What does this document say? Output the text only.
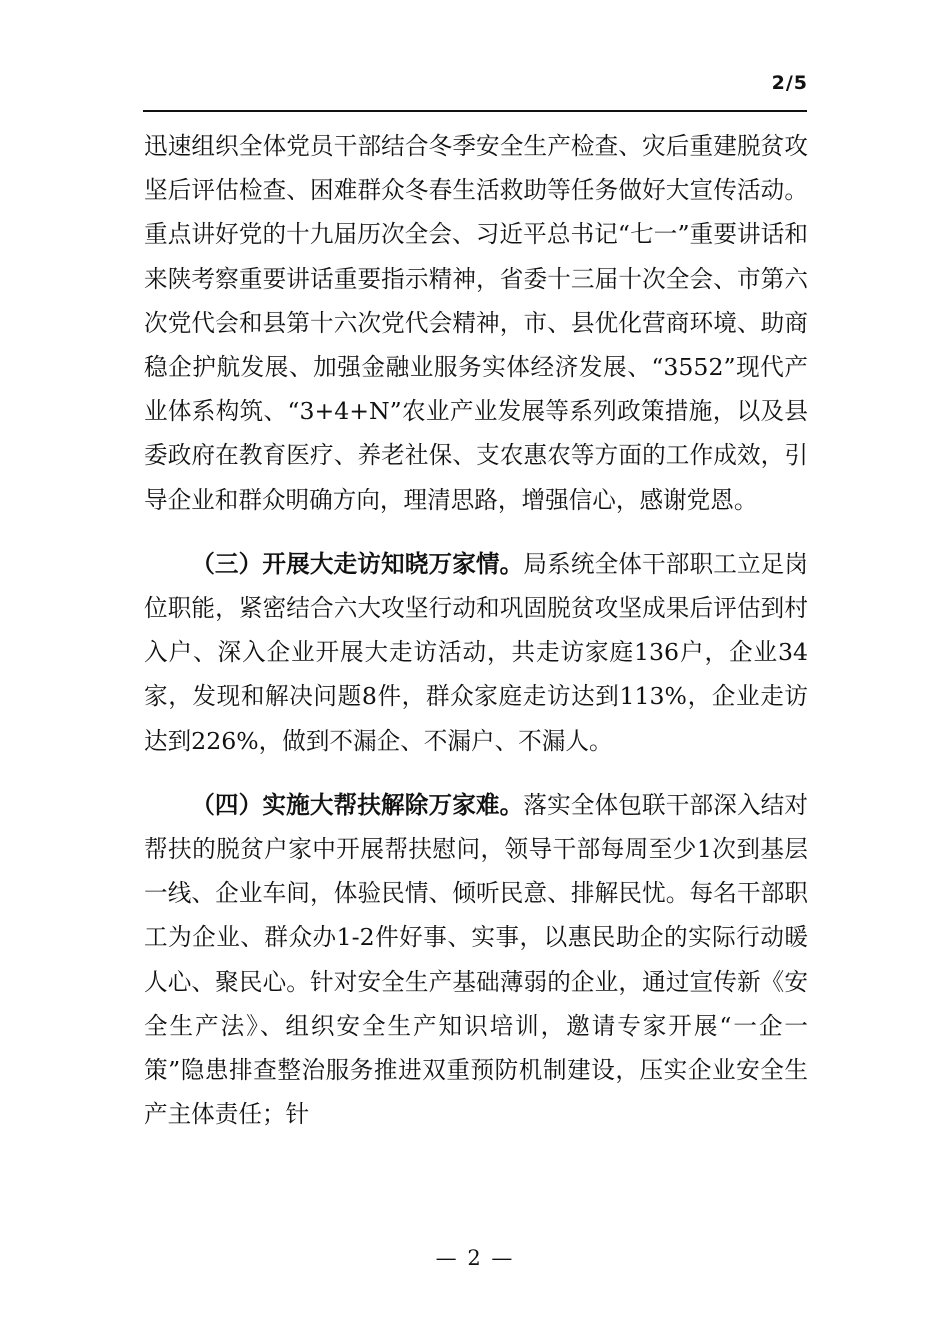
2/5

迅速组织全体党员干部结合冬季安全生产检查、灾后重建脱贫攻坚后评估检查、困难群众冬春生活救助等任务做好大宣传活动。重点讲好党的十九届历次全会、习近平总书记“七一”重要讲话和来陕考察重要讲话重要指示精神，省委十三届十次全会、市第六次党代会和县第十六次党代会精神，市、县优化营商环境、助商稳企护航发展、加强金融业服务实体经济发展、“3552”现代产业体系构筑、“3+4+N”农业产业发展等系列政策措施，以及县委政府在教育医疗、养老社保、支农惠农等方面的工作成效，引导企业和群众明确方向，理清思路，增强信心，感谢党恩。

（三）开展大走访知晓万家情。局系统全体干部职工立足岗位职能，紧密结合六大攻坚行动和巩固脱贫攻坚成果后评估到村入户、深入企业开展大走访活动，共走访家庭136户，企业34家，发现和解决问题8件，群众家庭走访达到113%，企业走访达到226%，做到不漏企、不漏户、不漏人。

（四）实施大帮扶解除万家难。落实全体包联干部深入结对帮扶的脱贫户家中开展帮扶慰问，领导干部每周至少1次到基层一线、企业车间，体验民情、倾听民意、排解民忧。每名干部职工为企业、群众办1-2件好事、实事，以惠民助企的实际行动暖人心、聚民心。针对安全生产基础薄弱的企业，通过宣传新《安全生产法》、组织安全生产知识培训，邀请专家开展“一企一策”隐患排查整治服务推进双重预防机制建设，压实企业安全生产主体责任；针

— 2 —
